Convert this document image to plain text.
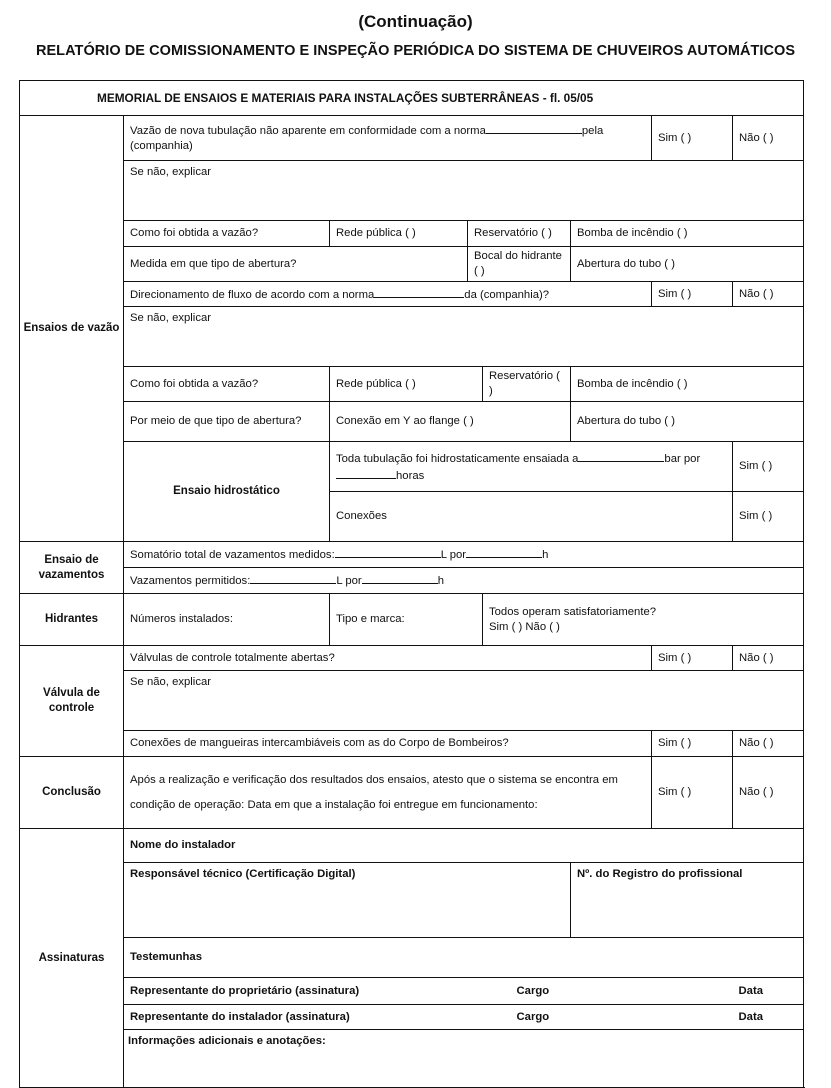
(Continuação)
RELATÓRIO DE COMISSIONAMENTO E INSPEÇÃO PERIÓDICA DO SISTEMA DE CHUVEIROS AUTOMÁTICOS
MEMORIAL DE ENSAIOS E MATERIAIS PARA INSTALAÇÕES SUBTERRÂNEAS - fl. 05/05									
Ensaios de vazão	Vazão de nova tubulação não aparente em conformidade com a norma pela (companhia)						Sim ( )	Não ( )	
	Se não, explicar								
	Como foi obtida a vazão?	Rede pública ( )	Reservatório ( )			Bomba de incêndio ( )			
	Medida em que tipo de abertura?		Bocal do hidrante ( )			Abertura do tubo ( )			
	Direcionamento de fluxo de acordo com a norma da (companhia)?						Sim ( )	Não ( )	
	Se não, explicar								
	Como foi obtida a vazão?	Rede pública ( )		Reservatório ( )		Bomba de incêndio ( )			
	Por meio de que tipo de abertura?	Conexão em Y ao flange ( )				Abertura do tubo ( )			
	Ensaio hidrostático	Toda tubulação foi hidrostaticamente ensaiada a bar porhoras						Sim ( )	
		Conexões						Sim ( )	
Ensaio de vazamentos	Somatório total de vazamentos medidos: L por h								
	Vazamentos permitidos: L por h								
Hidrantes	Números instalados:	Tipo e marca:		Todos operam satisfatoriamente?
Sim ( ) Não ( )					

Válvula de controle	Válvulas de controle totalmente abertas?						Sim ( )	Não ( )	
	Se não, explicar								
	Conexões de mangueiras intercambiáveis com as do Corpo de Bombeiros?						Sim ( )	Não ( )	
Conclusão	Após a realização e verificação dos resultados dos ensaios, atesto que o sistema se encontra em
condição de operação: Data em que a instalação foi entregue em funcionamento:						Sim ( )	Não ( )	
Assinaturas	Nome do instalador								
	Responsável técnico (Certificação Digital)					Nº. do Registro do profissional			
	Testemunhas								
	Representante do proprietário (assinatura)				Cargo			Data	
	Representante do instalador (assinatura)				Cargo			Data	
	Informações adicionais e anotações:								
